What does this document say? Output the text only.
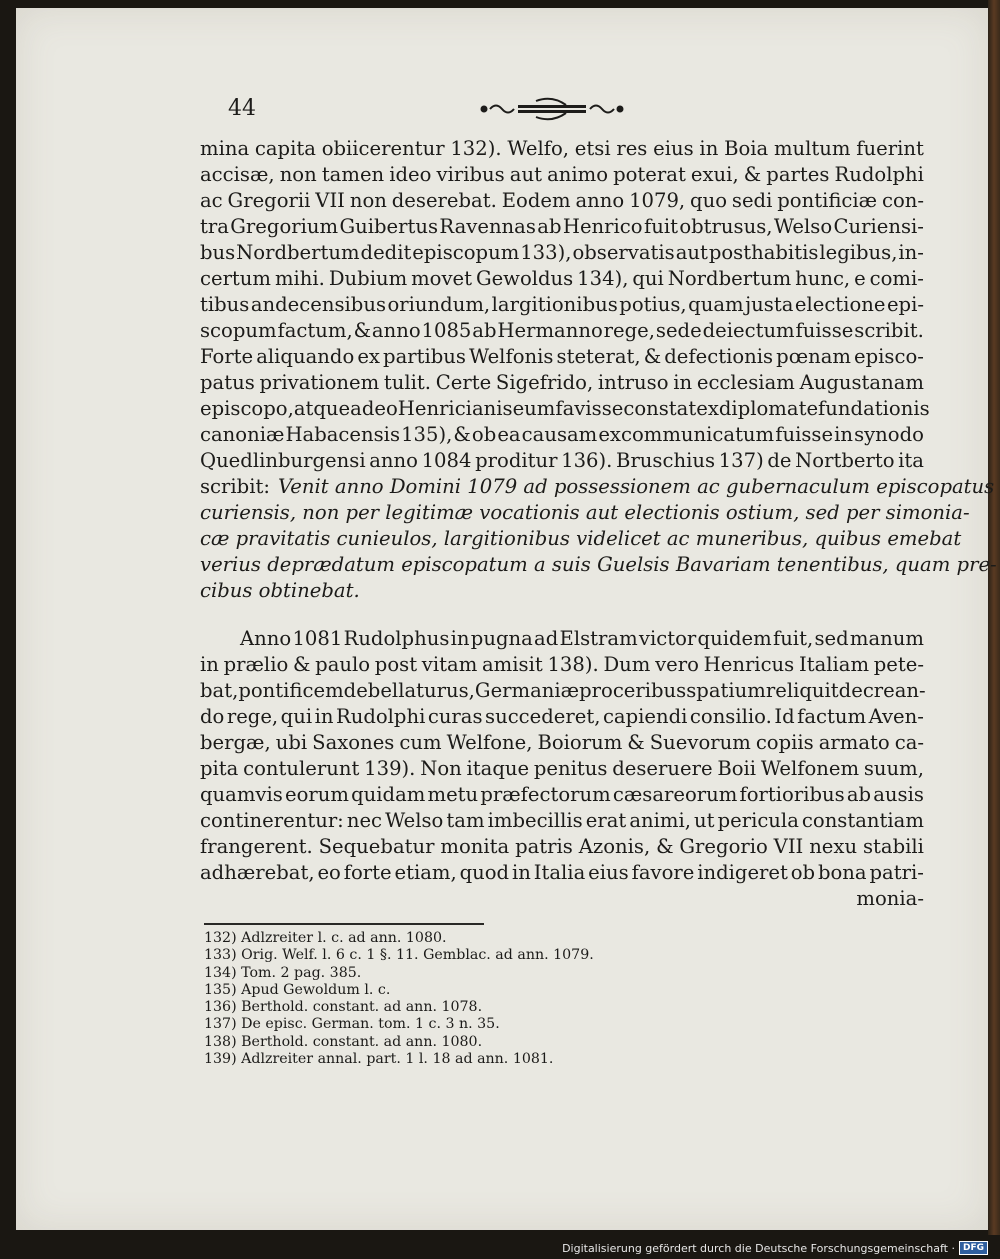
44
mina capita obiicerentur 132). Welfo, etsi res eius in Boia multum fuerint
accisæ, non tamen ideo viribus aut animo poterat exui, & partes Rudolphi
ac Gregorii VII non deserebat. Eodem anno 1079, quo sedi pontificiæ con-
tra Gregorium Guibertus Ravennas ab Henrico fuit obtrusus, Welso Curiensi-
bus Nordbertum dedit episcopum 133), observatis aut posthabitis legibus, in-
certum mihi. Dubium movet Gewoldus 134), qui Nordbertum hunc, e comi-
tibus andecensibus oriundum, largitionibus potius, quam justa electione epi-
scopum factum, & anno 1085 ab Hermanno rege, sede deiectum fuisse scribit.
Forte aliquando ex partibus Welfonis steterat, & defectionis pœnam episco-
patus privationem tulit. Certe Sigefrido, intruso in ecclesiam Augustanam
episcopo, atque adeo Henricianis eum favisse constat ex diplomate fundationis
canoniæ Habacensis 135), & ob ea causam excommunicatum fuisse in synodo
Quedlinburgensi anno 1084 proditur 136). Bruschius 137) de Nortberto ita
scribit: Venit anno Domini 1079 ad possessionem ac gubernaculum episcopatus
curiensis, non per legitimæ vocationis aut electionis ostium, sed per simonia-
cæ pravitatis cunieulos, largitionibus videlicet ac muneribus, quibus emebat
verius deprædatum episcopatum a suis Guelsis Bavariam tenentibus, quam pre-
cibus obtinebat.
Anno 1081 Rudolphus in pugna ad Elstram victor quidem fuit, sed manum
in prælio & paulo post vitam amisit 138). Dum vero Henricus Italiam pete-
bat, pontificem debellaturus, Germaniæ proceribus spatium reliquit de crean-
do rege, qui in Rudolphi curas succederet, capiendi consilio. Id factum Aven-
bergæ, ubi Saxones cum Welfone, Boiorum & Suevorum copiis armato ca-
pita contulerunt 139). Non itaque penitus deseruere Boii Welfonem suum,
quamvis eorum quidam metu præfectorum cæsareorum fortioribus ab ausis
continerentur: nec Welso tam imbecillis erat animi, ut pericula constantiam
frangerent. Sequebatur monita patris Azonis, & Gregorio VII nexu stabili
adhærebat, eo forte etiam, quod in Italia eius favore indigeret ob bona patri-
monia-
132) Adlzreiter l. c. ad ann. 1080.
133) Orig. Welf. l. 6 c. 1 §. 11. Gemblac. ad ann. 1079.
134) Tom. 2 pag. 385.
135) Apud Gewoldum l. c.
136) Berthold. constant. ad ann. 1078.
137) De episc. German. tom. 1 c. 3 n. 35.
138) Berthold. constant. ad ann. 1080.
139) Adlzreiter annal. part. 1 l. 18 ad ann. 1081.
Digitalisierung gefördert durch die Deutsche Forschungsgemeinschaft · DFG
